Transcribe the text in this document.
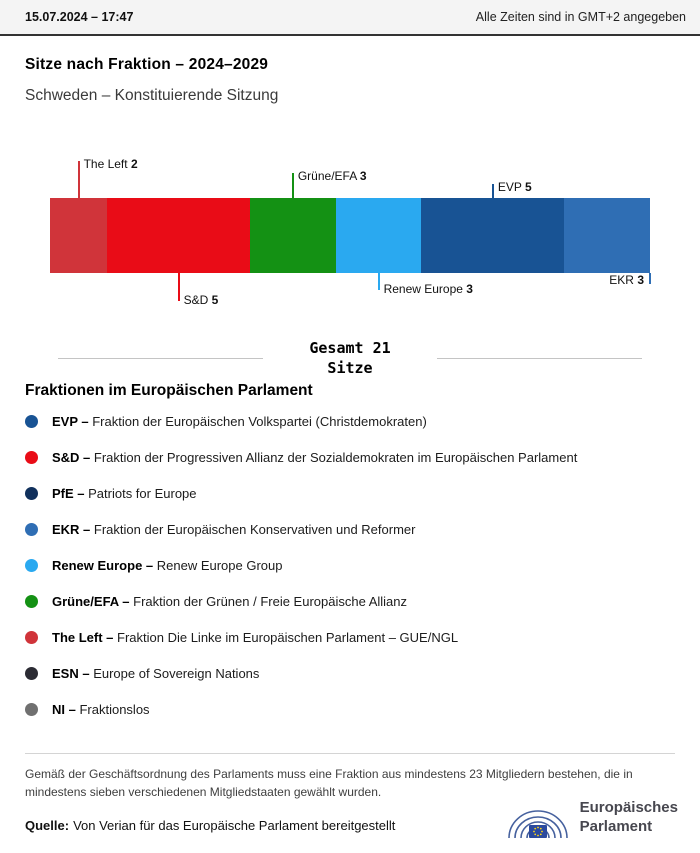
15.07.2024 – 17:47	Alle Zeiten sind in GMT+2 angegeben
Sitze nach Fraktion – 2024–2029
Schweden – Konstituierende Sitzung
The Left 2
S&D 5
Grüne/EFA 3
Renew Europe 3
EVP 5
EKR 3
Gesamt 21
Sitze
Fraktionen im Europäischen Parlament
EVP – Fraktion der Europäischen Volkspartei (Christdemokraten)
S&D – Fraktion der Progressiven Allianz der Sozialdemokraten im Europäischen Parlament
PfE – Patriots for Europe
EKR – Fraktion der Europäischen Konservativen und Reformer
Renew Europe – Renew Europe Group
Grüne/EFA – Fraktion der Grünen / Freie Europäische Allianz
The Left – Fraktion Die Linke im Europäischen Parlament – GUE/NGL
ESN – Europe of Sovereign Nations
NI – Fraktionslos
Gemäß der Geschäftsordnung des Parlaments muss eine Fraktion aus mindestens 23 Mitgliedern bestehen, die in mindestens sieben verschiedenen Mitgliedstaaten gewählt wurden.
Quelle: Von Verian für das Europäische Parlament bereitgestellt
Europäisches
Parlament
